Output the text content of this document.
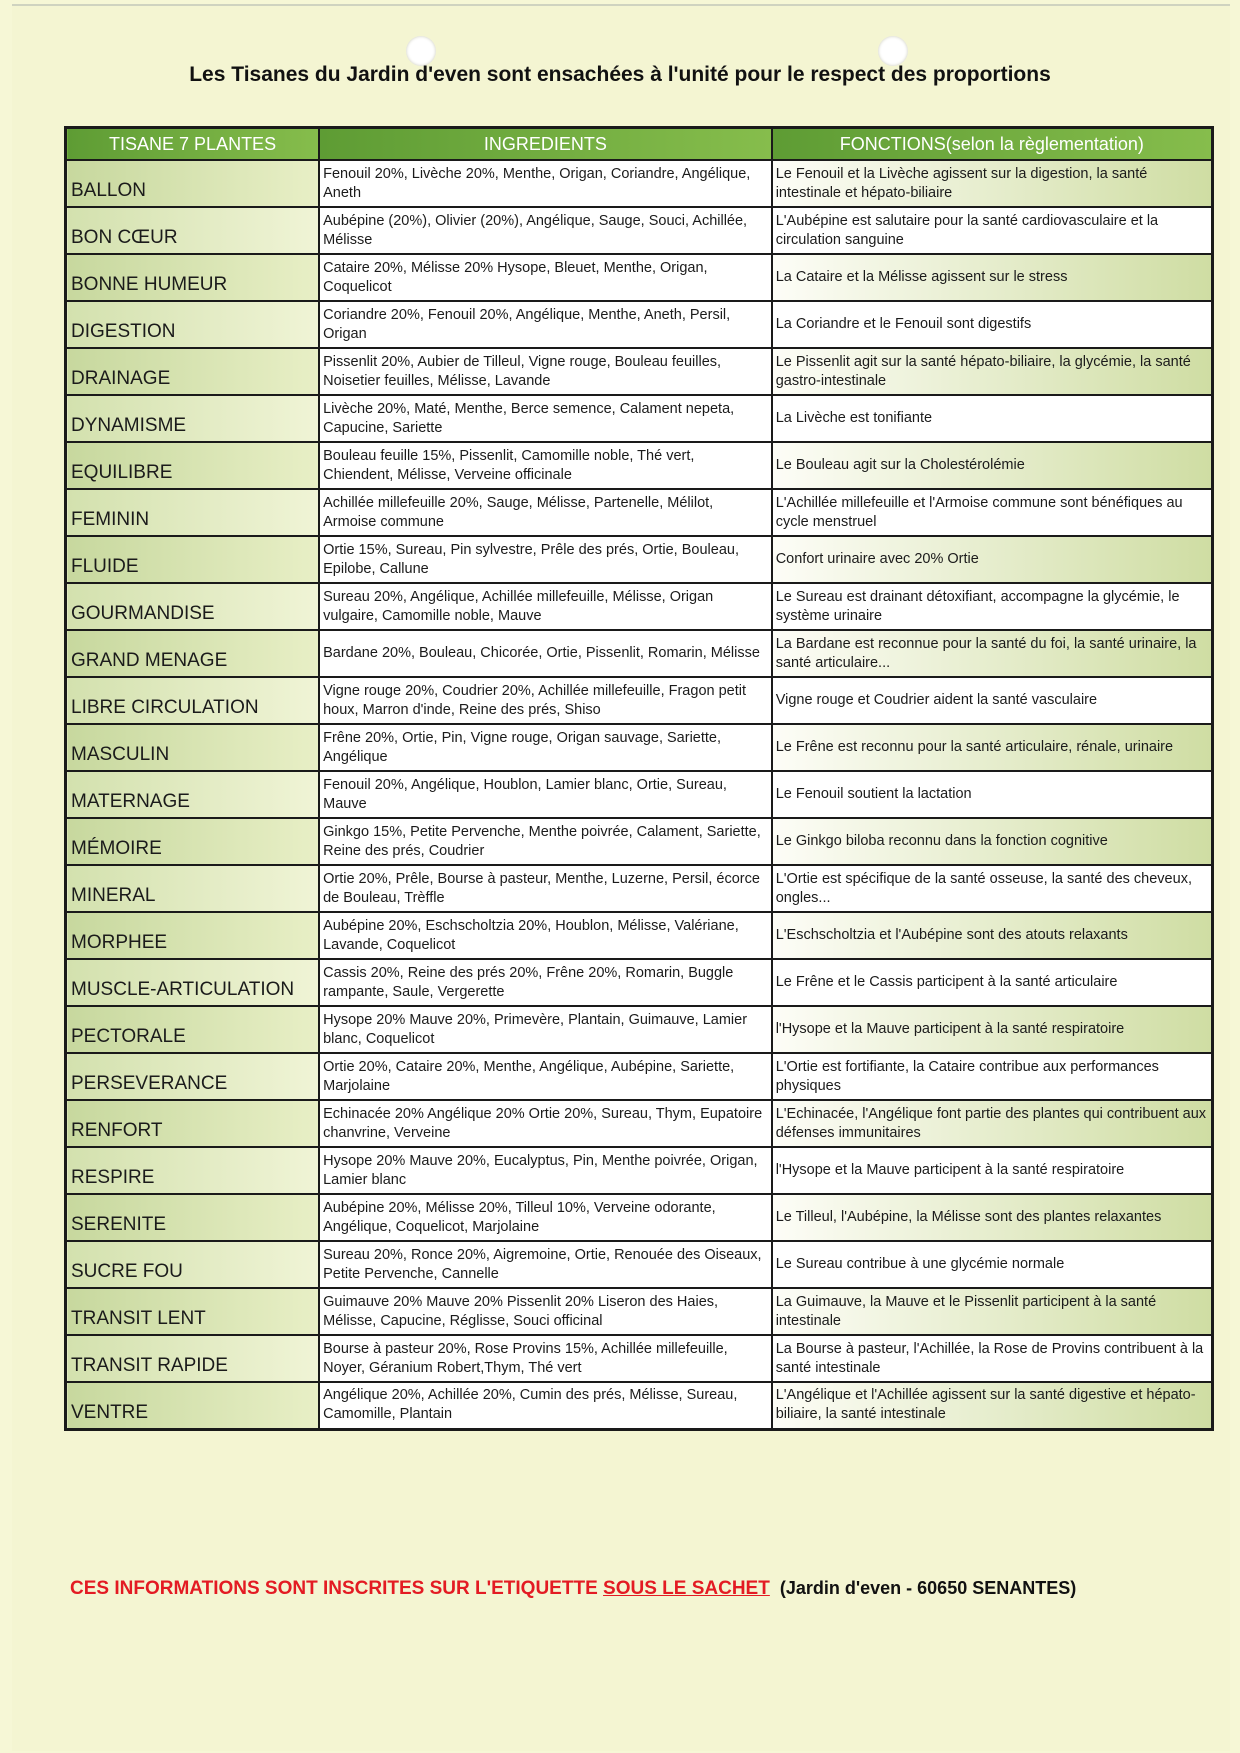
Les Tisanes du Jardin d'even sont ensachées à l'unité pour le respect des proportions
TISANE 7 PLANTES	INGREDIENTS	FONCTIONS(selon la règlementation)
BALLON	Fenouil 20%, Livèche 20%, Menthe, Origan, Coriandre, Angélique, Aneth	Le Fenouil et la Livèche agissent sur la digestion, la santé intestinale et hépato-biliaire
BON CŒUR	Aubépine (20%), Olivier (20%), Angélique, Sauge, Souci, Achillée, Mélisse	L'Aubépine est salutaire pour la santé cardiovasculaire et la circulation sanguine
BONNE HUMEUR	Cataire 20%, Mélisse 20% Hysope, Bleuet, Menthe, Origan, Coquelicot	La Cataire et la Mélisse agissent sur le stress
DIGESTION	Coriandre 20%, Fenouil 20%, Angélique, Menthe, Aneth, Persil, Origan	La Coriandre et le Fenouil sont digestifs
DRAINAGE	Pissenlit 20%, Aubier de Tilleul, Vigne rouge, Bouleau feuilles, Noisetier feuilles, Mélisse, Lavande	Le Pissenlit agit sur la santé hépato-biliaire, la glycémie, la santé gastro-intestinale
DYNAMISME	Livèche 20%, Maté, Menthe, Berce semence, Calament nepeta, Capucine, Sariette	La Livèche est tonifiante
EQUILIBRE	Bouleau feuille 15%, Pissenlit, Camomille noble, Thé vert, Chiendent, Mélisse, Verveine officinale	Le Bouleau agit sur la Cholestérolémie
FEMININ	Achillée millefeuille 20%, Sauge, Mélisse, Partenelle, Mélilot, Armoise commune	L'Achillée millefeuille et l'Armoise commune sont bénéfiques au cycle menstruel
FLUIDE	Ortie 15%, Sureau, Pin sylvestre, Prêle des prés, Ortie, Bouleau, Epilobe, Callune	Confort urinaire avec 20% Ortie
GOURMANDISE	Sureau 20%, Angélique, Achillée millefeuille, Mélisse, Origan vulgaire, Camomille noble, Mauve	Le Sureau est drainant détoxifiant, accompagne la glycémie, le système urinaire
GRAND MENAGE	Bardane 20%, Bouleau, Chicorée, Ortie, Pissenlit, Romarin, Mélisse	La Bardane est reconnue pour la santé du foi, la santé urinaire, la santé articulaire...
LIBRE CIRCULATION	Vigne rouge 20%, Coudrier 20%, Achillée millefeuille, Fragon petit houx, Marron d'inde, Reine des prés, Shiso	Vigne rouge et Coudrier aident la santé vasculaire
MASCULIN	Frêne 20%, Ortie, Pin, Vigne rouge, Origan sauvage, Sariette, Angélique	Le Frêne est reconnu pour la santé articulaire, rénale, urinaire
MATERNAGE	Fenouil 20%, Angélique, Houblon, Lamier blanc, Ortie, Sureau, Mauve	Le Fenouil soutient la lactation
MÉMOIRE	Ginkgo 15%, Petite Pervenche, Menthe poivrée, Calament, Sariette, Reine des prés, Coudrier	Le Ginkgo biloba reconnu dans la fonction cognitive
MINERAL	Ortie 20%, Prêle, Bourse à pasteur, Menthe, Luzerne, Persil, écorce de Bouleau, Trèffle	L'Ortie est spécifique de la santé osseuse, la santé des cheveux, ongles...
MORPHEE	Aubépine 20%, Eschscholtzia 20%, Houblon, Mélisse, Valériane, Lavande, Coquelicot	L'Eschscholtzia et l'Aubépine sont des atouts relaxants
MUSCLE-ARTICULATION	Cassis 20%, Reine des prés 20%, Frêne 20%, Romarin, Buggle rampante, Saule, Vergerette	Le Frêne et le Cassis participent à la santé articulaire
PECTORALE	Hysope 20% Mauve 20%, Primevère, Plantain, Guimauve, Lamier blanc, Coquelicot	l'Hysope et la Mauve participent à la santé respiratoire
PERSEVERANCE	Ortie 20%, Cataire 20%, Menthe, Angélique, Aubépine, Sariette, Marjolaine	L'Ortie est fortifiante, la Cataire contribue aux performances physiques
RENFORT	Echinacée 20% Angélique 20% Ortie 20%, Sureau, Thym, Eupatoire chanvrine, Verveine	L'Echinacée, l'Angélique font partie des plantes qui contribuent aux défenses immunitaires
RESPIRE	Hysope 20% Mauve 20%, Eucalyptus, Pin, Menthe poivrée, Origan, Lamier blanc	l'Hysope et la Mauve participent à la santé respiratoire
SERENITE	Aubépine 20%, Mélisse 20%, Tilleul 10%, Verveine odorante, Angélique, Coquelicot, Marjolaine	Le Tilleul, l'Aubépine, la Mélisse sont des plantes relaxantes
SUCRE FOU	Sureau 20%, Ronce 20%, Aigremoine, Ortie, Renouée des Oiseaux, Petite Pervenche, Cannelle	Le Sureau contribue à une glycémie normale
TRANSIT LENT	Guimauve 20% Mauve 20% Pissenlit 20% Liseron des Haies, Mélisse, Capucine, Réglisse, Souci officinal	La Guimauve, la Mauve et le Pissenlit participent à la santé intestinale
TRANSIT RAPIDE	Bourse à pasteur 20%, Rose Provins 15%, Achillée millefeuille, Noyer, Géranium Robert,Thym, Thé vert	La Bourse à pasteur, l'Achillée, la Rose de Provins contribuent à la santé intestinale
VENTRE	Angélique 20%, Achillée 20%, Cumin des prés, Mélisse, Sureau, Camomille, Plantain	L'Angélique et l'Achillée agissent sur la santé digestive et hépato-biliaire, la santé intestinale
CES INFORMATIONS SONT INSCRITES SUR L'ETIQUETTE SOUS LE SACHET (Jardin d'even - 60650 SENANTES)
